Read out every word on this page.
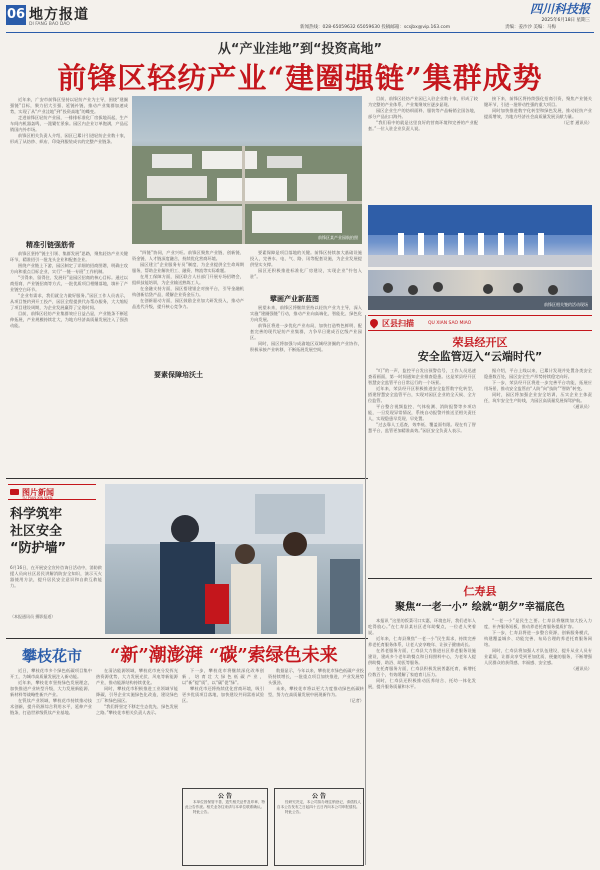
06 地方报道
DI FANG BAO DAO
四川科技报
2025年6月18日 星期三
新闻热线：028-65059632 65059630 投稿邮箱：scsjbx@vip.163.com	责编：姜沙沙 美编：马梅
从“产业洼地”到“投资高地”
前锋区轻纺产业“建圈强链”集群成势

近年来，广安市前锋区坚持以轻纺产业为主导，围绕“建圈强链”目标，聚力招大引强、延链补链，推动产业集群加速成势，实现了从“产业洼地”到“投资高地”的蝶变。

走进前锋区轻纺产业园，一排排标准化厂房拔地而起，生产车间内机器轰鸣，一派繁忙景象。园区内企业订单饱满，产品远销国内外市场。

前锋区相关负责人介绍，园区已累计引进轻纺企业数十家，形成了从纺纱、织布、印染到服装成衣的完整产业链条。

精准引链强筋骨

前锋区坚持“链主引领、集群发展”思路，聚焦轻纺产业关键环节，精准招引一批龙头企业和配套企业。

围绕产业链上下游，园区制定了详细的招商图谱，明确主攻方向和重点目标企业，实行“一链一专班”工作机制。

“引得来、留得住、发展好”是园区招商的核心目标。通过以商招商、产业链招商等方式，一批优质项目相继落地，填补了产业链空白环节。

“企业有需求，我们就全力做好服务。”园区工作人员表示，从项目签约到开工投产，园区全程提供代办帮办服务，大大缩短了项目建设周期，为企业发展赢得了宝贵时间。

目前，前锋区轻纺产业集群效应日益凸显，产业链条不断延伸拓展，产业规模持续壮大，为地方经济高质量发展注入了强劲动能。

前锋区某产业园航拍照

“四链”协同，产业兴旺。前锋区聚焦产业链、创新链、资金链、人才链深度融合，持续优化营商环境。

园区建立“企业服务专员”制度，为企业提供全生命周期服务，帮助企业解决用工、融资、物流等实际难题。

在用工保障方面，园区联合人社部门开展专场招聘会，组织技能培训，为企业输送熟练工人。

在金融支持方面，园区搭建银企对接平台，引导金融机构创新信贷产品，缓解企业资金压力。

在创新驱动方面，园区鼓励企业加大研发投入，推动产品迭代升级，提升核心竞争力。

要素保障培沃土

要素保障是项目落地的关键。前锋区持续加大基础设施投入，完善水、电、气、路、讯等配套设施，为企业发展提供坚实支撑。

园区还积极推进标准化厂房建设，实现企业“拎包入驻”。

擘画产业新蓝图

展望未来，前锋区将继续坚持以轻纺产业为主导，深入实施“建圈强链”行动，推动产业向高端化、智能化、绿色化方向发展。

前锋区将进一步优化产业布局，加快打造特色鲜明、配套完善的现代轻纺产业集群，力争早日建成百亿级产业园区。

同时，园区将加强与成渝地区双城经济圈的产业协作，积极承接产业转移，不断拓展发展空间。

目前，前锋区轻纺产业园已入驻企业数十家，形成了较为完整的产业体系，产业集聚效应逐步显现。

园区企业生产的纺织面料、服装等产品畅销全国各地，部分产品出口海外。

“我们看中的就是这里良好的营商环境和完善的产业配套。”一位入驻企业负责人说。

接下来，前锋区将持续强化招商引资，聚焦产业链关键环节，引进一批带动性强的重大项目。

同时加快推进数字化转型和绿色发展，推动轻纺产业提质增效，为地方经济社会高质量发展贡献力量。

（记者 通讯员）

前锋区相关签约活动现场
区县扫描	QU XIAN SAO MIAO
荣县经开区
安全监管迈入“云端时代”

“叮”的一声，监控平台发出预警信号，工作人员迅速查看画面，第一时间通知企业排查隐患。这是荣县经开区智慧安全监管平台日常运行的一个场景。

近年来，荣县经开区积极推进安全监管数字化转型，搭建智慧安全监管平台，实现对园区企业的全天候、全方位监管。

平台整合视频监控、气体检测、消防报警等多项功能，一旦发现异常情况，系统自动报警并推送至相关责任人，实现隐患早发现、早处置。

“过去靠人工巡查，效率低、覆盖面有限。现在有了智慧平台，监管更加精准高效。”园区安全负责人表示。

据介绍，平台上线以来，已累计发现并处置各类安全隐患数百处，园区安全生产形势持续稳定向好。

下一步，荣县经开区将进一步完善平台功能，拓展应用场景，推动安全监管由“人防”向“技防”“智防”转变。

同时，园区将加强企业安全培训，压实企业主体责任，筑牢安全生产防线，为园区高质量发展保驾护航。

（通讯员）

仁寿县
聚焦“一老一小” 绘就“朝夕”幸福底色

本报讯 “这里的饭菜可口实惠，环境也好，我们老年人吃得放心。”在仁寿县某社区老年助餐点，一位老人笑着说。

近年来，仁寿县聚焦“一老一小”民生需求，持续完善养老托育服务体系，让老人安享晚年、让孩子健康成长。

在养老服务方面，仁寿县大力推进社区养老服务设施建设，建成多个老年助餐点和日间照料中心，为老年人提供助餐、助浴、助医等服务。

在托育服务方面，仁寿县积极发展普惠托育，新增托位数百个，有效缓解了家庭育儿压力。

同时，仁寿县还积极推动医养结合、托幼一体化发展，提升服务质量和水平。

“一老一小”是民生之要。仁寿县将继续加大投入力度，补齐服务短板，推动养老托育服务提质扩容。

下一步，仁寿县将进一步整合资源，创新服务模式，构建覆盖城乡、功能完善、布局合理的养老托育服务网络。

同时，仁寿县将加强人才队伍建设，提升从业人员专业素质，让群众享受到更加优质、便捷的服务，不断增强人民群众的获得感、幸福感、安全感。

（通讯员）

图片新闻
TU PIAN XIN WEN
科学筑牢
社区安全
“防护墙”
6月16日，在开展安全宣传咨询日活动中，消防救援人员向社区居民讲解消防安全知识，演示灭火器使用方法，提升居民安全意识和自救互救能力。
（本报通讯员 摄影报道）
攀枝花市 “新”潮澎湃 “碳”索绿色未来

近日，攀枝花市多个绿色低碳项目集中开工，为城市高质量发展注入新动能。

近年来，攀枝花市坚持绿色发展理念，加快推进产业转型升级，大力发展新能源、新材料等战略性新兴产业。

在钒钛产业领域，攀枝花市持续推动技术创新，提升资源综合利用水平，延伸产业链条，打造世界级钒钛产业基地。

在清洁能源领域，攀枝花市充分发挥光热资源优势，大力发展光伏、风电等新能源产业，推动能源结构持续优化。

同时，攀枝花市积极推进工业领域节能降碳，引导企业实施绿色化改造，建设绿色工厂和绿色园区。

“我们将坚定不移走生态优先、绿色发展之路。”攀枝花市相关负责人表示。

下一步，攀枝花市将继续深化改革创新，培育壮大绿色低碳产业，以“新”提“质”，以“碳”促“绿”。

攀枝花市还将持续优化营商环境，吸引更多优质项目落地，加快建设共同富裕试验区。

数据显示，今年以来，攀枝花市绿色低碳产业投资持续增长，一批重点项目加快推进，产业发展势头强劲。

未来，攀枝花市将以更大力度推动绿色低碳转型，努力在高质量发展中展现新作为。

（记者）

公 告

本单位因保管不善，遗失相关证件及印章，特此公告作废。相关业务往来请与本单位联系确认。

特此公告。

公 告

经研究决定，本公司拟办理注销登记，请债权人自本公告发布之日起四十五日内向本公司申报债权。

特此公告。
